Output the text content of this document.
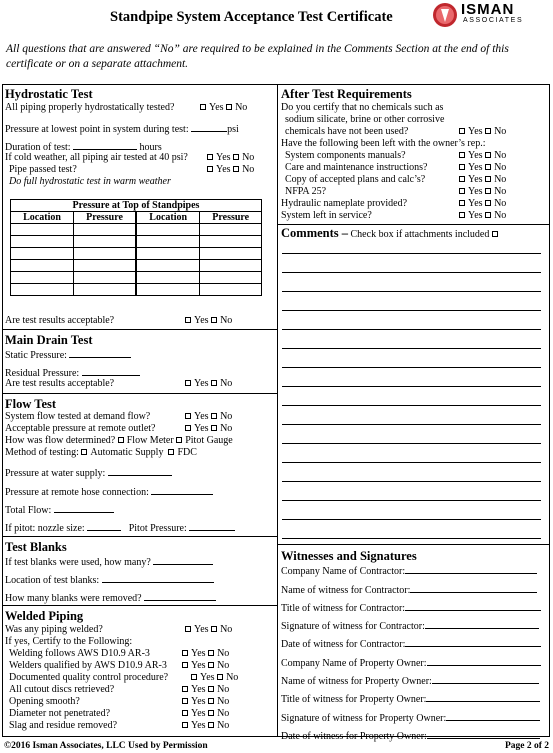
Standpipe System Acceptance Test Certificate	ISMAN
ASSOCIATES
All questions that are answered “No” are required to be explained in the Comments Section at the end of this certificate or on a separate attachment.
Hydrostatic Test
All piping properly hydrostatically tested?	Yes No
Pressure at lowest point in system during test:	psi
Duration of test:	hours
If cold weather, all piping air tested at 40 psi?	Yes No
Pipe passed test?	Yes No
Do full hydrostatic test in warm weather
Pressure at Top of Standpipes			
Location	Pressure	Location	Pressure

Are test results acceptable?	Yes No
Main Drain Test
Static Pressure:
Residual Pressure:
Are test results acceptable?	Yes No
Flow Test
System flow tested at demand flow?	Yes No
Acceptable pressure at remote outlet?	Yes No
How was flow determined? Flow Meter Pitot Gauge
Method of testing: Automatic Supply FDC
Pressure at water supply:
Pressure at remote hose connection:
Total Flow:
If pitot: nozzle size:	Pitot Pressure:
Test Blanks
If test blanks were used, how many?
Location of test blanks:
How many blanks were removed?
Welded Piping
Was any piping welded?	Yes No
If yes, Certify to the Following:
Welding follows AWS D10.9 AR-3	Yes No
Welders qualified by AWS D10.9 AR-3	Yes No
Documented quality control procedure?	Yes No
All cutout discs retrieved?	Yes No
Opening smooth?	Yes No
Diameter not penetrated?	Yes No
Slag and residue removed?	Yes No
After Test Requirements
Do you certify that no chemicals such as
sodium silicate, brine or other corrosive
chemicals have not been used?	Yes No
Have the following been left with the owner’s rep.:
System components manuals?	Yes No
Care and maintenance instructions?	Yes No
Copy of accepted plans and calc’s?	Yes No
NFPA 25?	Yes No
Hydraulic nameplate provided?	Yes No
System left in service?	Yes No
Comments – Check box if attachments included
Witnesses and Signatures
Company Name of Contractor:
Name of witness for Contractor:
Title of witness for Contractor:
Signature of witness for Contractor:
Date of witness for Contractor:
Company Name of Property Owner:
Name of witness for Property Owner:
Title of witness for Property Owner:
Signature of witness for Property Owner:
Date of witness for Property Owner:
©2016 Isman Associates, LLC Used by Permission	Page 2 of 2
